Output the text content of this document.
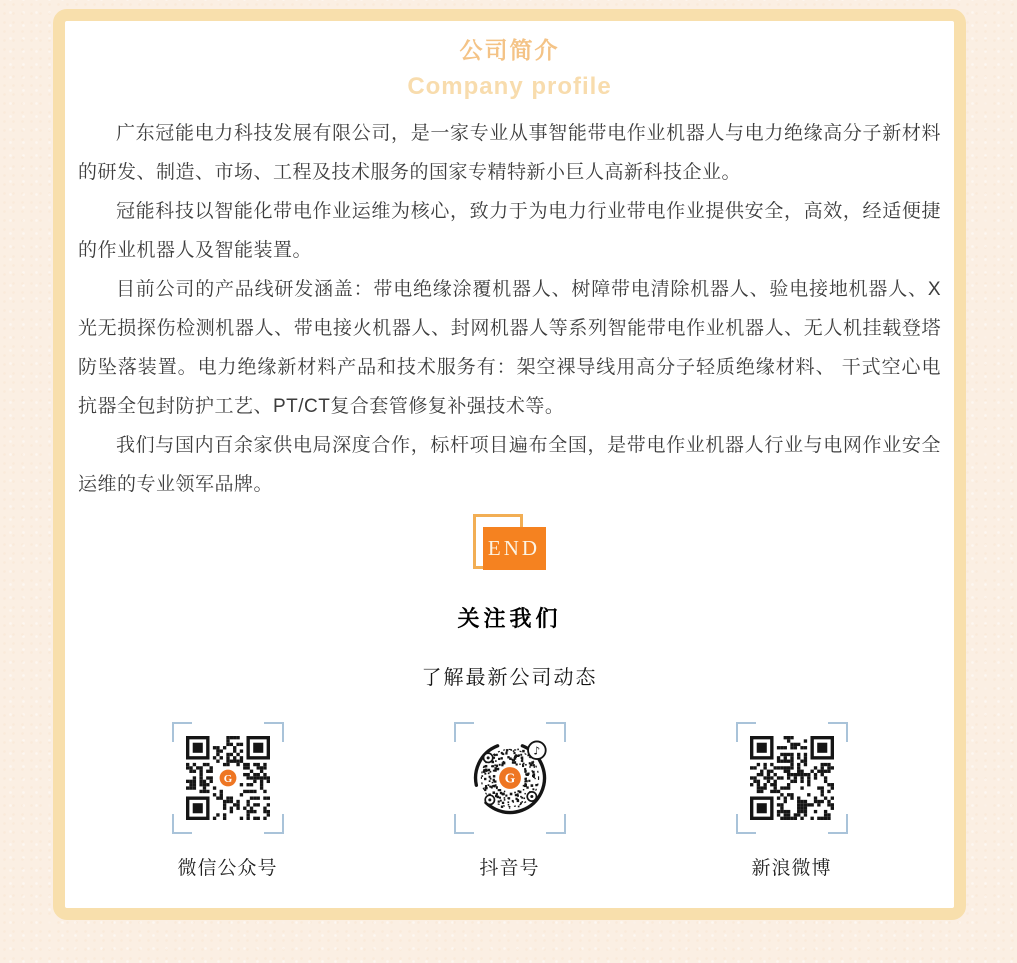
公司简介
Company profile

广东冠能电力科技发展有限公司，是一家专业从事智能带电作业机器人与电力绝缘高分子新材料的研发、制造、市场、工程及技术服务的国家专精特新小巨人高新科技企业。

冠能科技以智能化带电作业运维为核心，致力于为电力行业带电作业提供安全，高效，经适便捷的作业机器人及智能装置。

目前公司的产品线研发涵盖：带电绝缘涂覆机器人、树障带电清除机器人、验电接地机器人、X光无损探伤检测机器人、带电接火机器人、封网机器人等系列智能带电作业机器人、无人机挂载登塔防坠落装置。电力绝缘新材料产品和技术服务有：架空裸导线用高分子轻质绝缘材料、 干式空心电抗器全包封防护工艺、PT/CT复合套管修复补强技术等。

我们与国内百余家供电局深度合作，标杆项目遍布全国，是带电作业机器人行业与电网作业安全运维的专业领军品牌。

END
关注我们

了解最新公司动态

G
微信公众号
G
♪
抖音号	新浪微博
